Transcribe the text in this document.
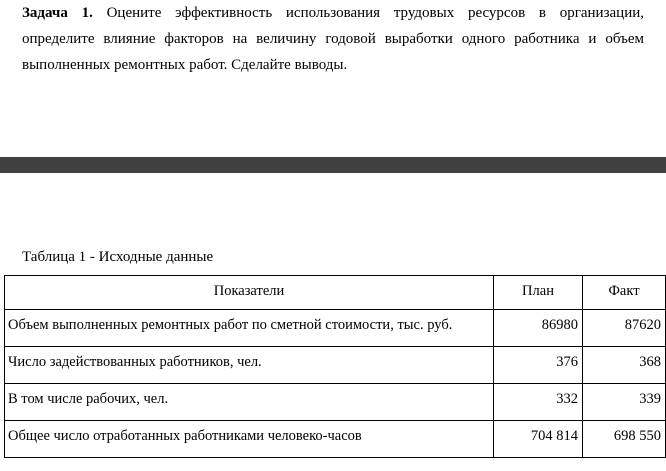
Задача 1. Оцените эффективность использования трудовых ресурсов в организации,
определите влияние факторов на величину годовой выработки одного работника и объем
выполненных ремонтных работ. Сделайте выводы.
Таблица 1 - Исходные данные
Показатели	План	Факт
Объем выполненных ремонтных работ по сметной стоимости, тыс. руб.	86980	87620
Число задействованных работников, чел.	376	368
В том числе рабочих, чел.	332	339
Общее число отработанных работниками человеко-часов	704 814	698 550
